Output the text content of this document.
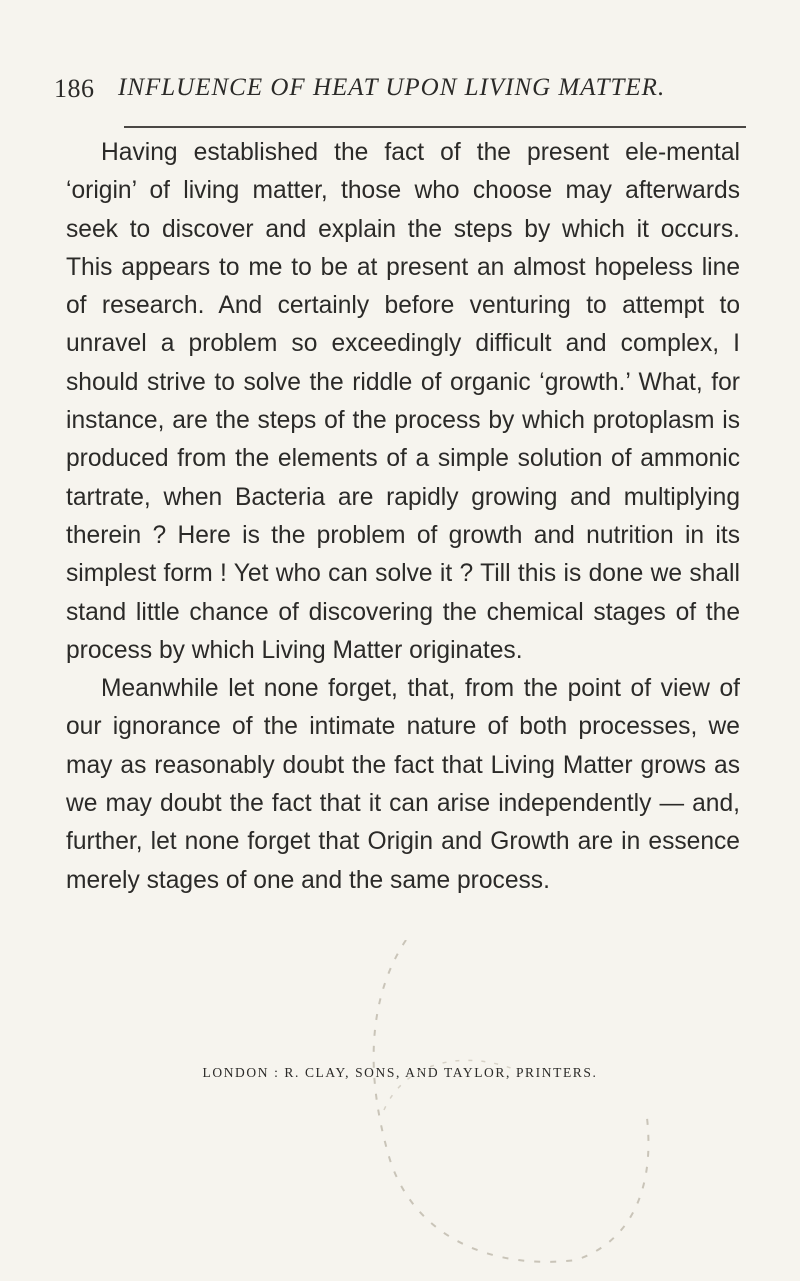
186 INFLUENCE OF HEAT UPON LIVING MATTER.

Having established the fact of the present ele-mental ‘origin’ of living matter, those who choose may afterwards seek to discover and explain the steps by which it occurs. This appears to me to be at present an almost hopeless line of research. And certainly before venturing to attempt to unravel a problem so exceedingly difficult and complex, I should strive to solve the riddle of organic ‘growth.’ What, for instance, are the steps of the process by which protoplasm is produced from the elements of a simple solution of ammonic tartrate, when Bacteria are rapidly growing and multiplying therein ? Here is the problem of growth and nutrition in its simplest form ! Yet who can solve it ? Till this is done we shall stand little chance of discovering the chemical stages of the process by which Living Matter originates.

Meanwhile let none forget, that, from the point of view of our ignorance of the intimate nature of both processes, we may as reasonably doubt the fact that Living Matter grows as we may doubt the fact that it can arise independently — and, further, let none forget that Origin and Growth are in essence merely stages of one and the same process.

LONDON : R. CLAY, SONS, AND TAYLOR, PRINTERS.
